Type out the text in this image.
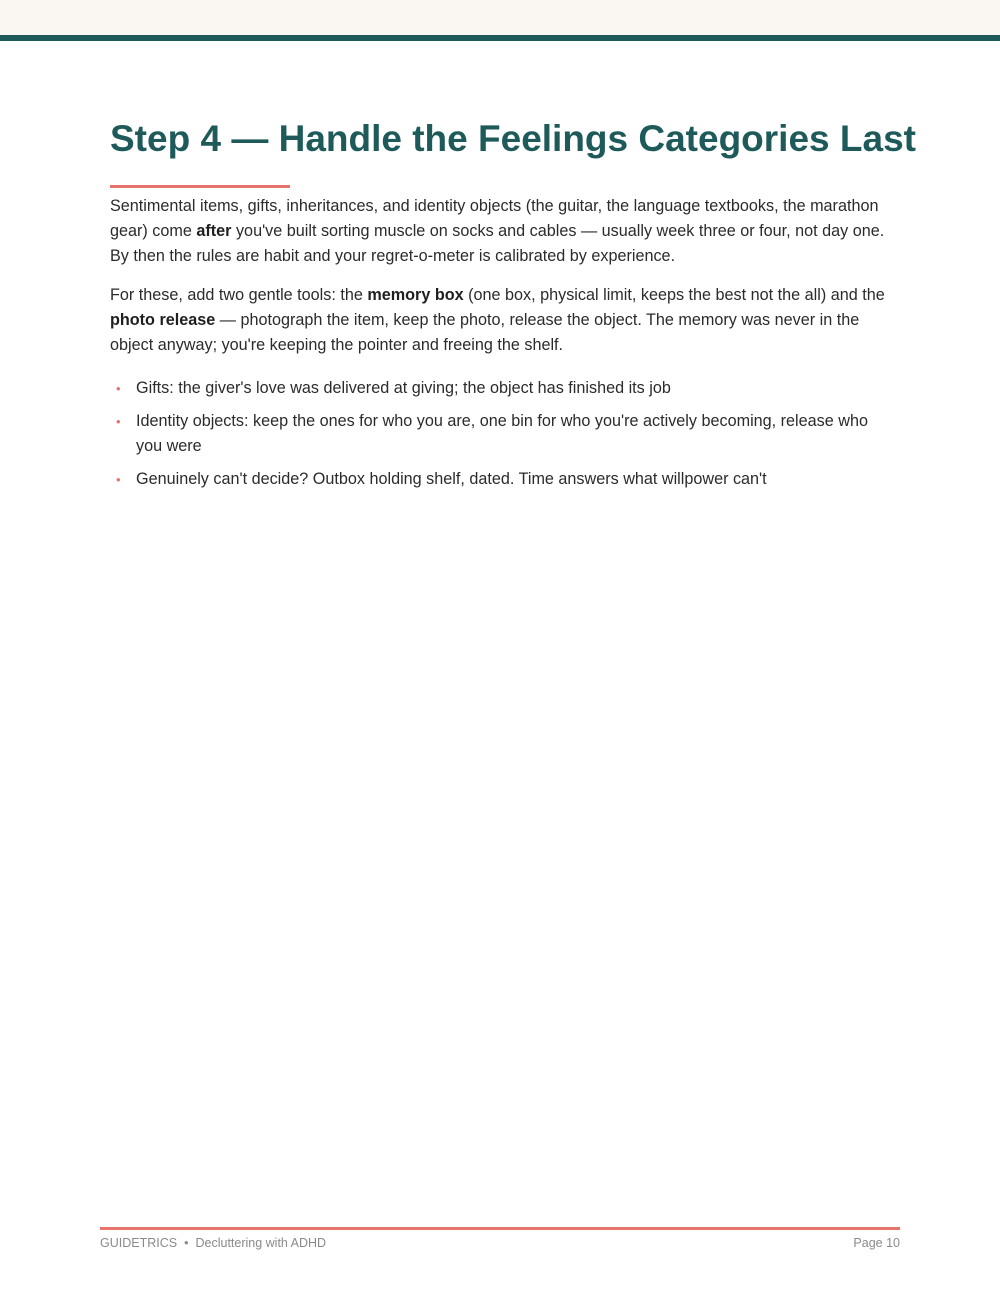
Step 4 — Handle the Feelings Categories Last

Sentimental items, gifts, inheritances, and identity objects (the guitar, the language textbooks, the marathon gear) come after you've built sorting muscle on socks and cables — usually week three or four, not day one. By then the rules are habit and your regret-o-meter is calibrated by experience.

For these, add two gentle tools: the memory box (one box, physical limit, keeps the best not the all) and the photo release — photograph the item, keep the photo, release the object. The memory was never in the object anyway; you're keeping the pointer and freeing the shelf.

• Gifts: the giver's love was delivered at giving; the object has finished its job
• Identity objects: keep the ones for who you are, one bin for who you're actively becoming, release who you were
• Genuinely can't decide? Outbox holding shelf, dated. Time answers what willpower can't
GUIDETRICS • Decluttering with ADHD	Page 10
